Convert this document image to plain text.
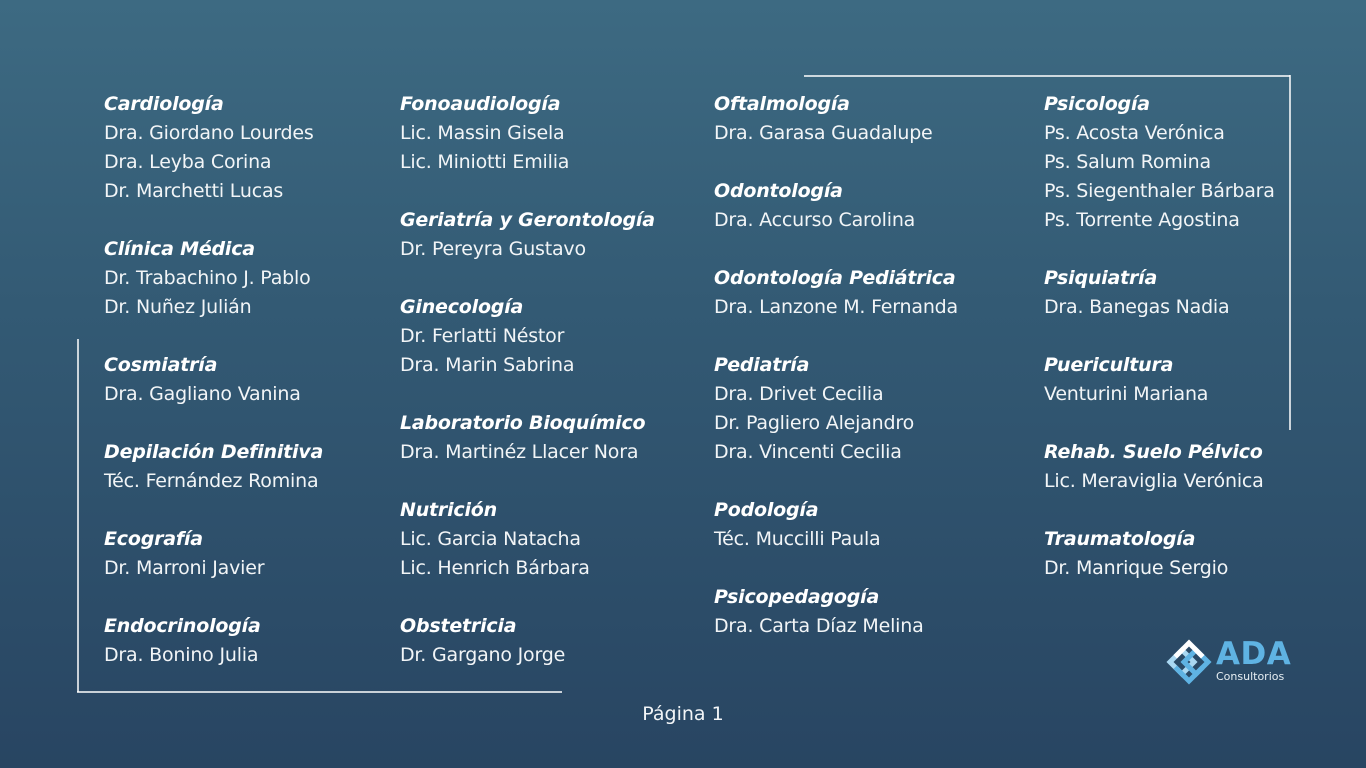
Cardiología
Dra. Giordano Lourdes
Dra. Leyba Corina
Dr. Marchetti Lucas
Clínica Médica
Dr. Trabachino J. Pablo
Dr. Nuñez Julián
Cosmiatría
Dra. Gagliano Vanina
Depilación Definitiva
Téc. Fernández Romina
Ecografía
Dr. Marroni Javier
Endocrinología
Dra. Bonino Julia
Fonoaudiología
Lic. Massin Gisela
Lic. Miniotti Emilia
Geriatría y Gerontología
Dr. Pereyra Gustavo
Ginecología
Dr. Ferlatti Néstor
Dra. Marin Sabrina
Laboratorio Bioquímico
Dra. Martinéz Llacer Nora
Nutrición
Lic. Garcia Natacha
Lic. Henrich Bárbara
Obstetricia
Dr. Gargano Jorge
Oftalmología
Dra. Garasa Guadalupe
Odontología
Dra. Accurso Carolina
Odontología Pediátrica
Dra. Lanzone M. Fernanda
Pediatría
Dra. Drivet Cecilia
Dr. Pagliero Alejandro
Dra. Vincenti Cecilia
Podología
Téc. Muccilli Paula
Psicopedagogía
Dra. Carta Díaz Melina
Psicología
Ps. Acosta Verónica
Ps. Salum Romina
Ps. Siegenthaler Bárbara
Ps. Torrente Agostina
Psiquiatría
Dra. Banegas Nadia
Puericultura
Venturini Mariana
Rehab. Suelo Pélvico
Lic. Meraviglia Verónica
Traumatología
Dr. Manrique Sergio
Página 1
ADA
Consultorios
